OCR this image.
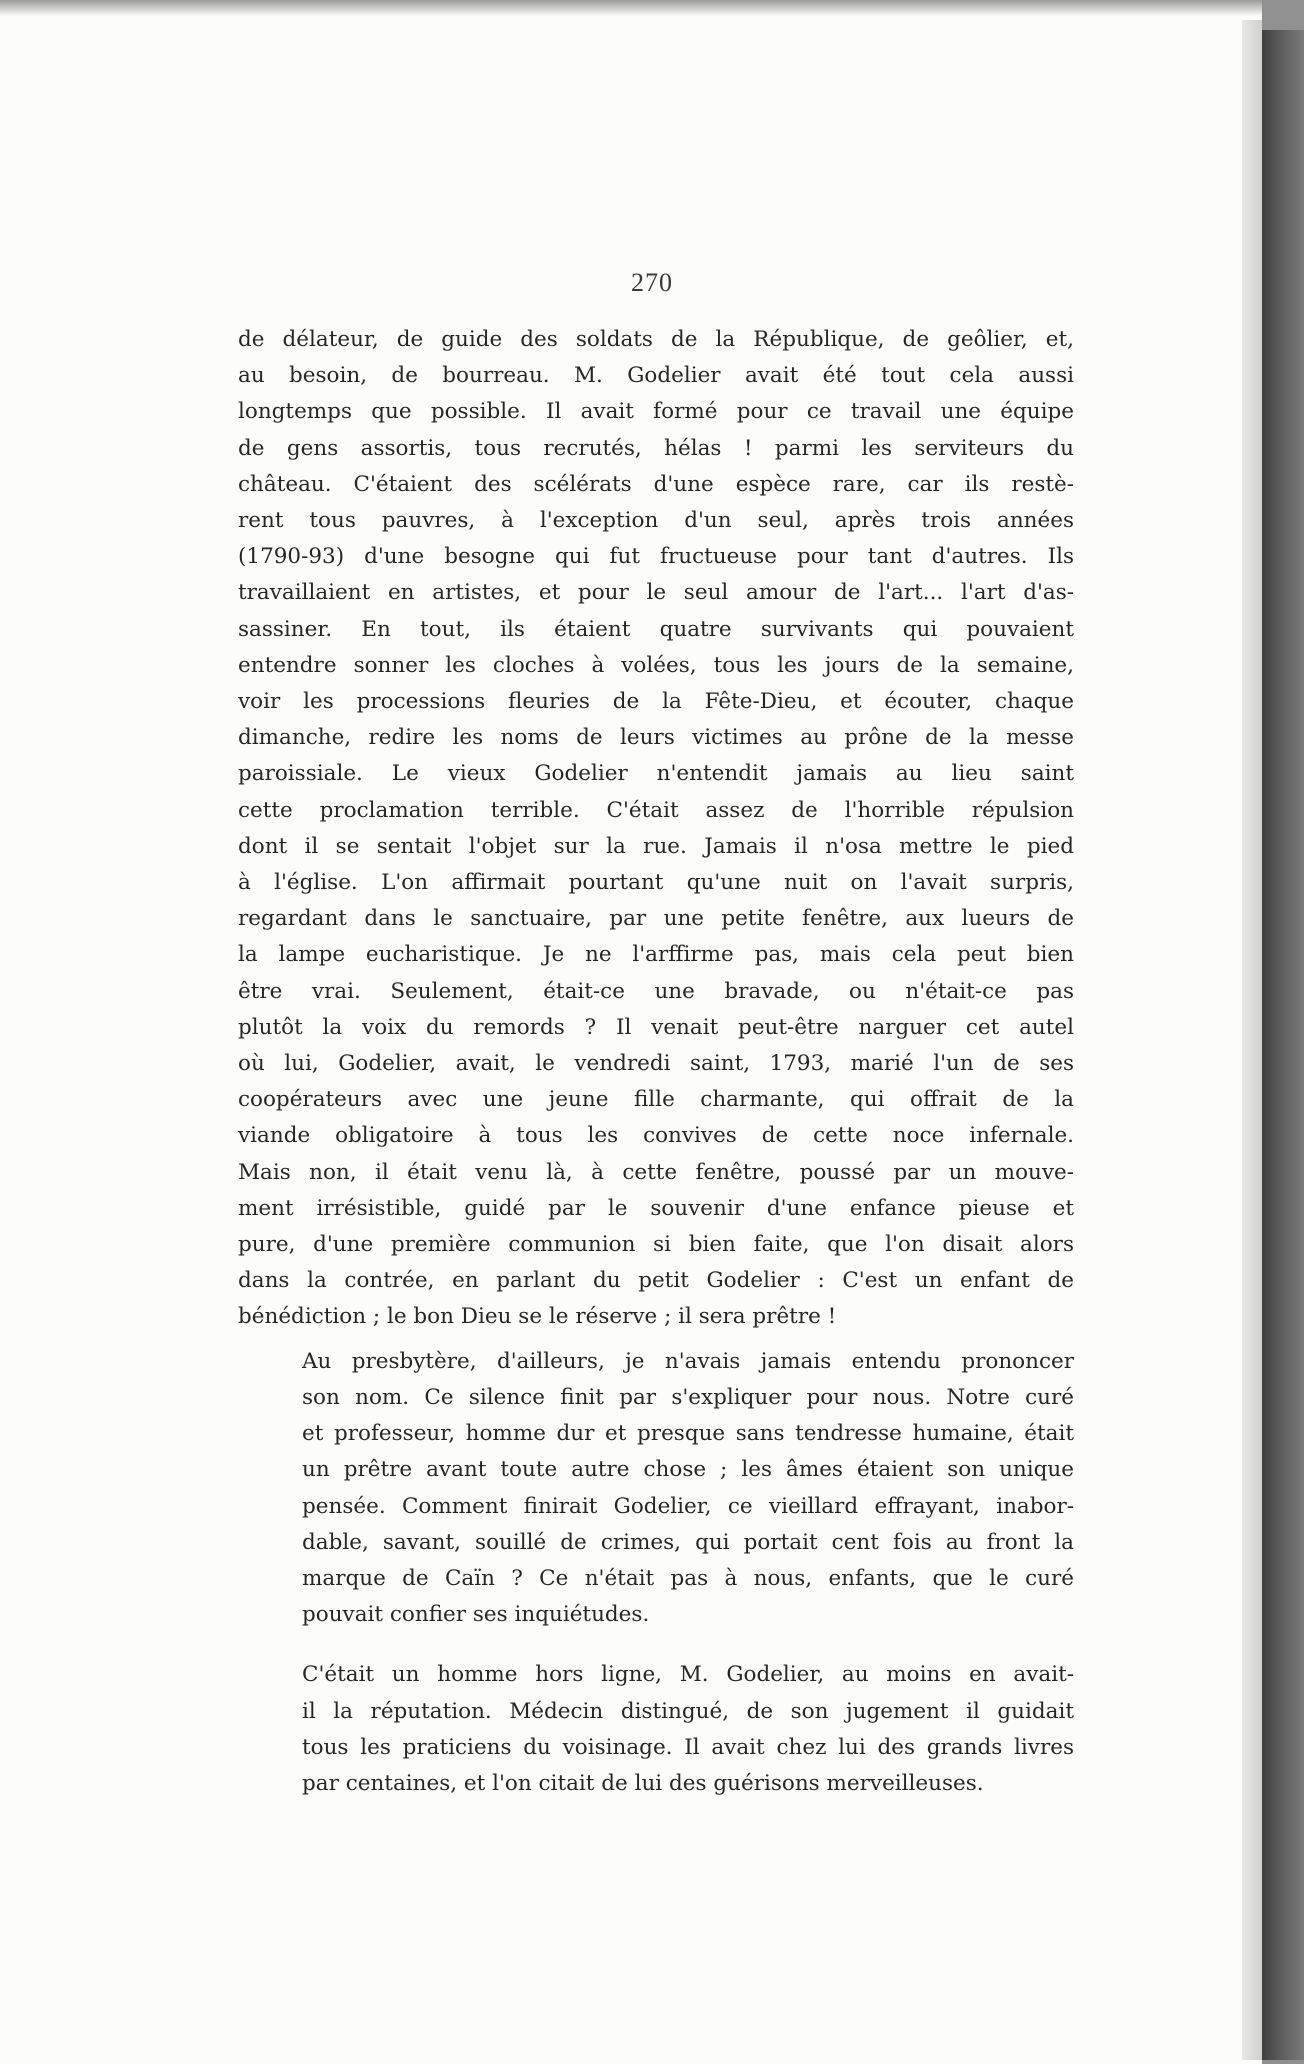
270

de délateur, de guide des soldats de la République, de geôlier, et,
au besoin, de bourreau. M. Godelier avait été tout cela aussi
longtemps que possible. Il avait formé pour ce travail une équipe
de gens assortis, tous recrutés, hélas ! parmi les serviteurs du
château. C'étaient des scélérats d'une espèce rare, car ils restè-
rent tous pauvres, à l'exception d'un seul, après trois années
(1790-93) d'une besogne qui fut fructueuse pour tant d'autres. Ils
travaillaient en artistes, et pour le seul amour de l'art... l'art d'as-
sassiner. En tout, ils étaient quatre survivants qui pouvaient
entendre sonner les cloches à volées, tous les jours de la semaine,
voir les processions fleuries de la Fête-Dieu, et écouter, chaque
dimanche, redire les noms de leurs victimes au prône de la messe
paroissiale. Le vieux Godelier n'entendit jamais au lieu saint
cette proclamation terrible. C'était assez de l'horrible répulsion
dont il se sentait l'objet sur la rue. Jamais il n'osa mettre le pied
à l'église. L'on affirmait pourtant qu'une nuit on l'avait surpris,
regardant dans le sanctuaire, par une petite fenêtre, aux lueurs de
la lampe eucharistique. Je ne l'arffirme pas, mais cela peut bien
être vrai. Seulement, était-ce une bravade, ou n'était-ce pas
plutôt la voix du remords ? Il venait peut-être narguer cet autel
où lui, Godelier, avait, le vendredi saint, 1793, marié l'un de ses
coopérateurs avec une jeune fille charmante, qui offrait de la
viande obligatoire à tous les convives de cette noce infernale.
Mais non, il était venu là, à cette fenêtre, poussé par un mouve-
ment irrésistible, guidé par le souvenir d'une enfance pieuse et
pure, d'une première communion si bien faite, que l'on disait alors
dans la contrée, en parlant du petit Godelier : C'est un enfant de
bénédiction ; le bon Dieu se le réserve ; il sera prêtre !

Au presbytère, d'ailleurs, je n'avais jamais entendu prononcer
son nom. Ce silence finit par s'expliquer pour nous. Notre curé
et professeur, homme dur et presque sans tendresse humaine, était
un prêtre avant toute autre chose ; les âmes étaient son unique
pensée. Comment finirait Godelier, ce vieillard effrayant, inabor-
dable, savant, souillé de crimes, qui portait cent fois au front la
marque de Caïn ? Ce n'était pas à nous, enfants, que le curé
pouvait confier ses inquiétudes.

C'était un homme hors ligne, M. Godelier, au moins en avait-
il la réputation. Médecin distingué, de son jugement il guidait
tous les praticiens du voisinage. Il avait chez lui des grands livres
par centaines, et l'on citait de lui des guérisons merveilleuses.
